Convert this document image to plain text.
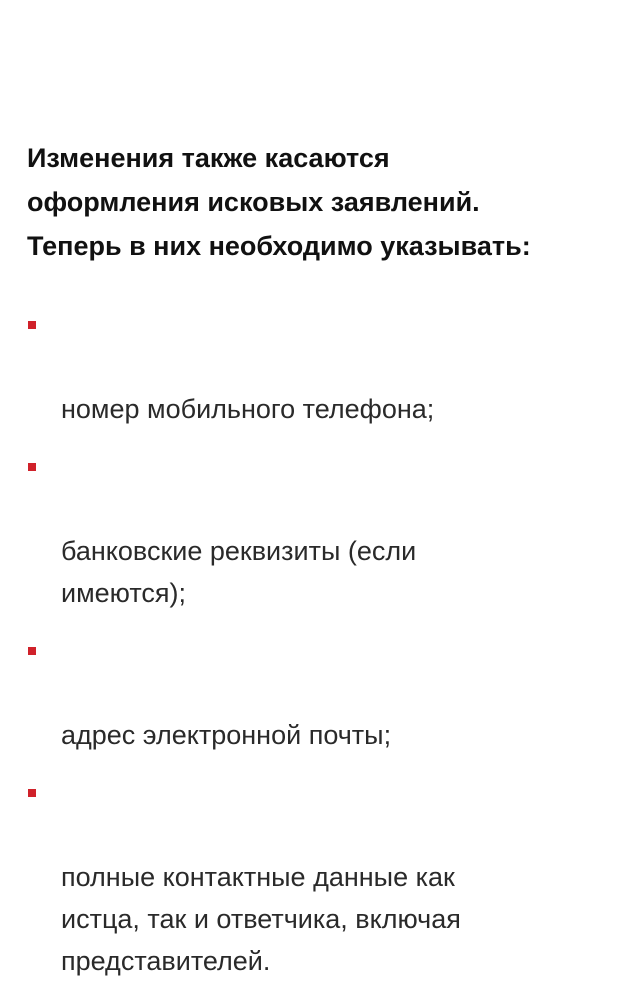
Изменения также касаются
оформления исковых заявлений.
Теперь в них необходимо указывать:

номер мобильного телефона;

банковские реквизиты (если
имеются);

адрес электронной почты;

полные контактные данные как
истца, так и ответчика, включая
представителей.
